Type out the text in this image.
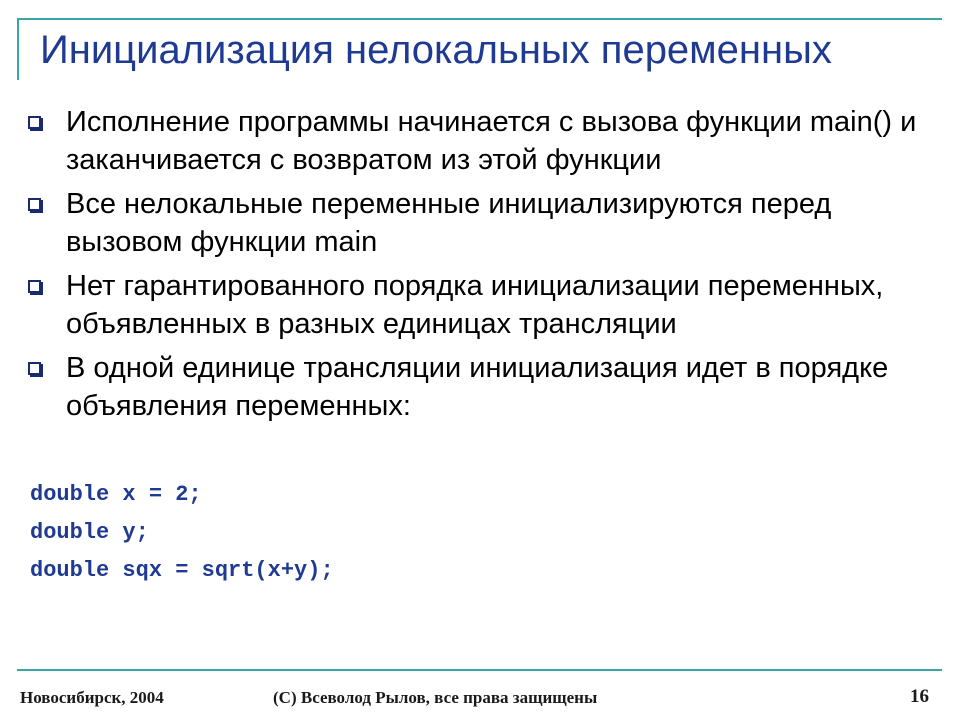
Инициализация нелокальных переменных
Исполнение программы начинается с вызова функции main() и заканчивается с возвратом из этой функции
Все нелокальные переменные инициализируются перед вызовом функции main
Нет гарантированного порядка инициализации переменных, объявленных в разных единицах трансляции
В одной единице трансляции инициализация идет в порядке объявления переменных:
double x = 2;
double y;
double sqx = sqrt(x+y);
Новосибирск, 2004	(C) Всеволод Рылов, все права защищены	16
